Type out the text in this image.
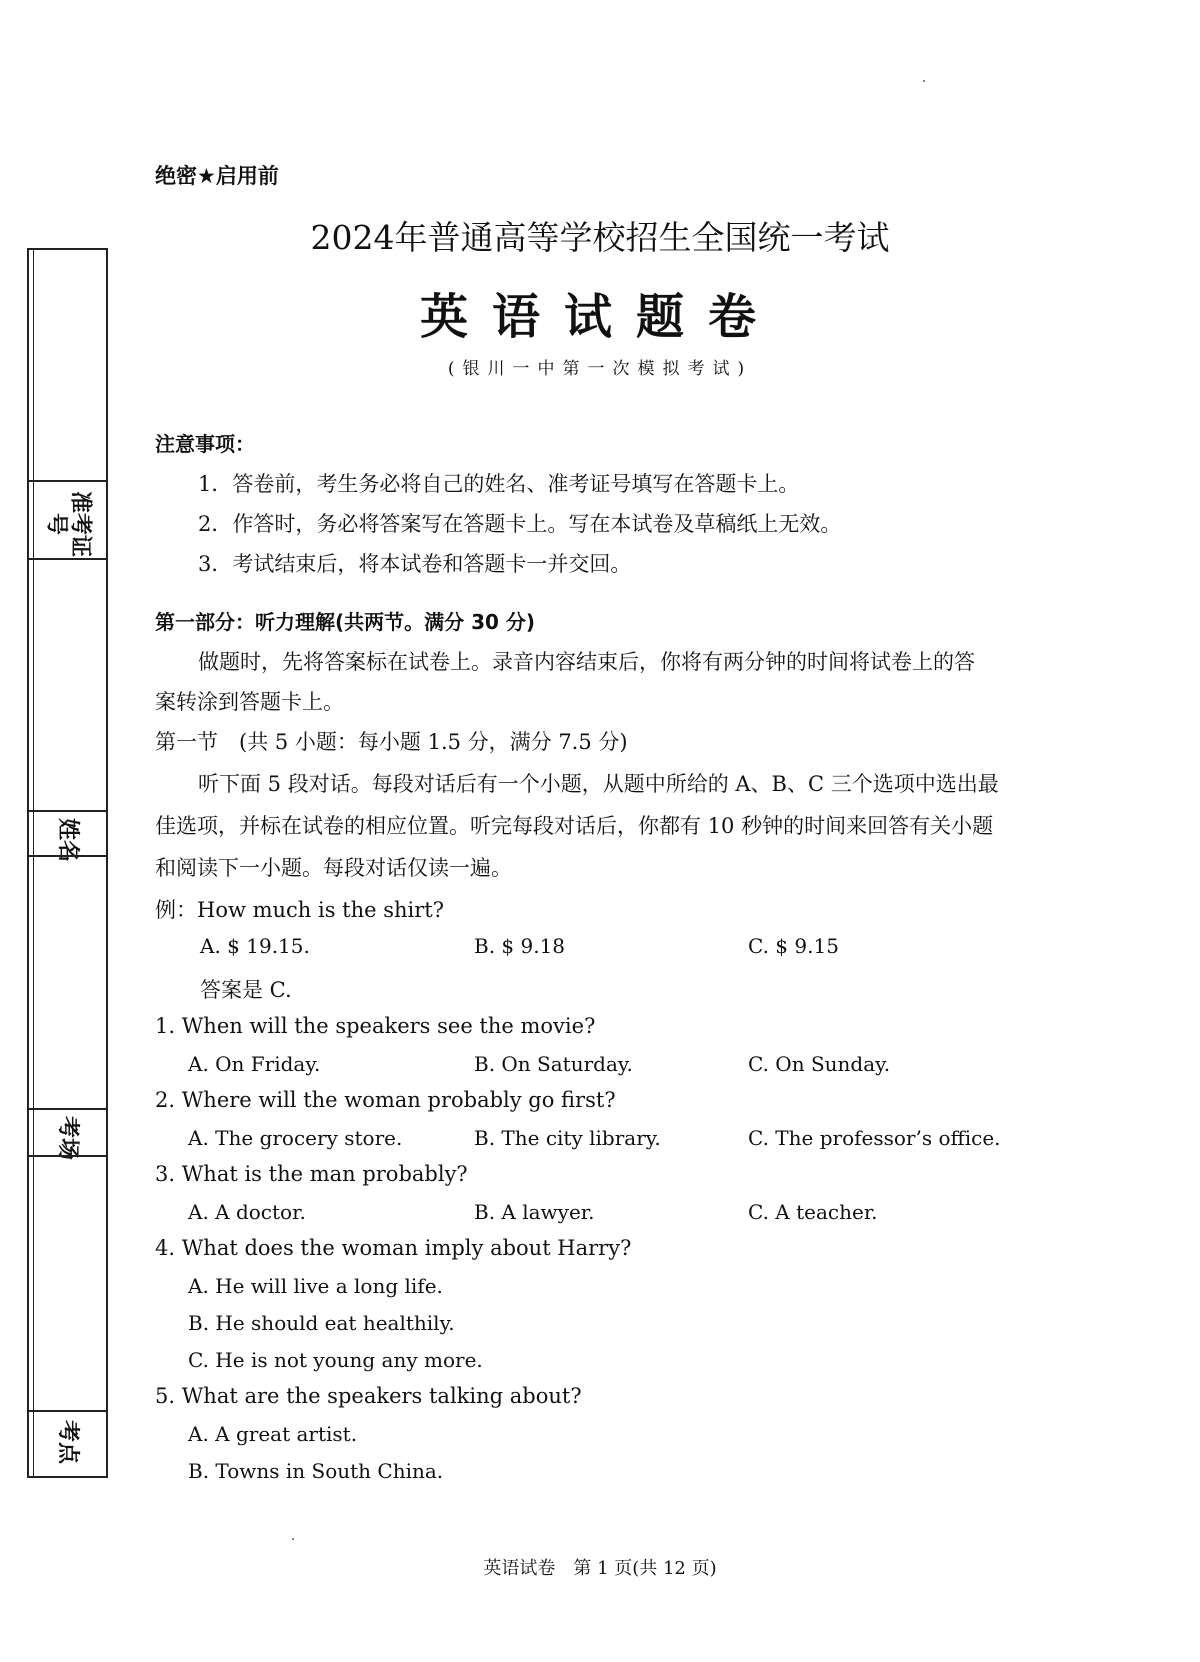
准考证号
姓名
考场
考点
绝密★启用前
2024年普通高等学校招生全国统一考试
英语试题卷
(银川一中第一次模拟考试)
注意事项：
1．答卷前，考生务必将自己的姓名、准考证号填写在答题卡上。
2．作答时，务必将答案写在答题卡上。写在本试卷及草稿纸上无效。
3．考试结束后，将本试卷和答题卡一并交回。
第一部分：听力理解(共两节。满分 30 分)
做题时，先将答案标在试卷上。录音内容结束后，你将有两分钟的时间将试卷上的答
案转涂到答题卡上。
第一节　(共 5 小题：每小题 1.5 分，满分 7.5 分)
听下面 5 段对话。每段对话后有一个小题，从题中所给的 A、B、C 三个选项中选出最
佳选项，并标在试卷的相应位置。听完每段对话后，你都有 10 秒钟的时间来回答有关小题
和阅读下一小题。每段对话仅读一遍。
例：How much is the shirt?
A. $ 19.15.	B. $ 9.18	C. $ 9.15
答案是 C.
1. When will the speakers see the movie?
A. On Friday.	B. On Saturday.	C. On Sunday.
2. Where will the woman probably go first?
A. The grocery store.	B. The city library.	C. The professor’s office.
3. What is the man probably?
A. A doctor.	B. A lawyer.	C. A teacher.
4. What does the woman imply about Harry?
A. He will live a long life.
B. He should eat healthily.
C. He is not young any more.
5. What are the speakers talking about?
A. A great artist.
B. Towns in South China.
英语试卷　第 1 页(共 12 页)
